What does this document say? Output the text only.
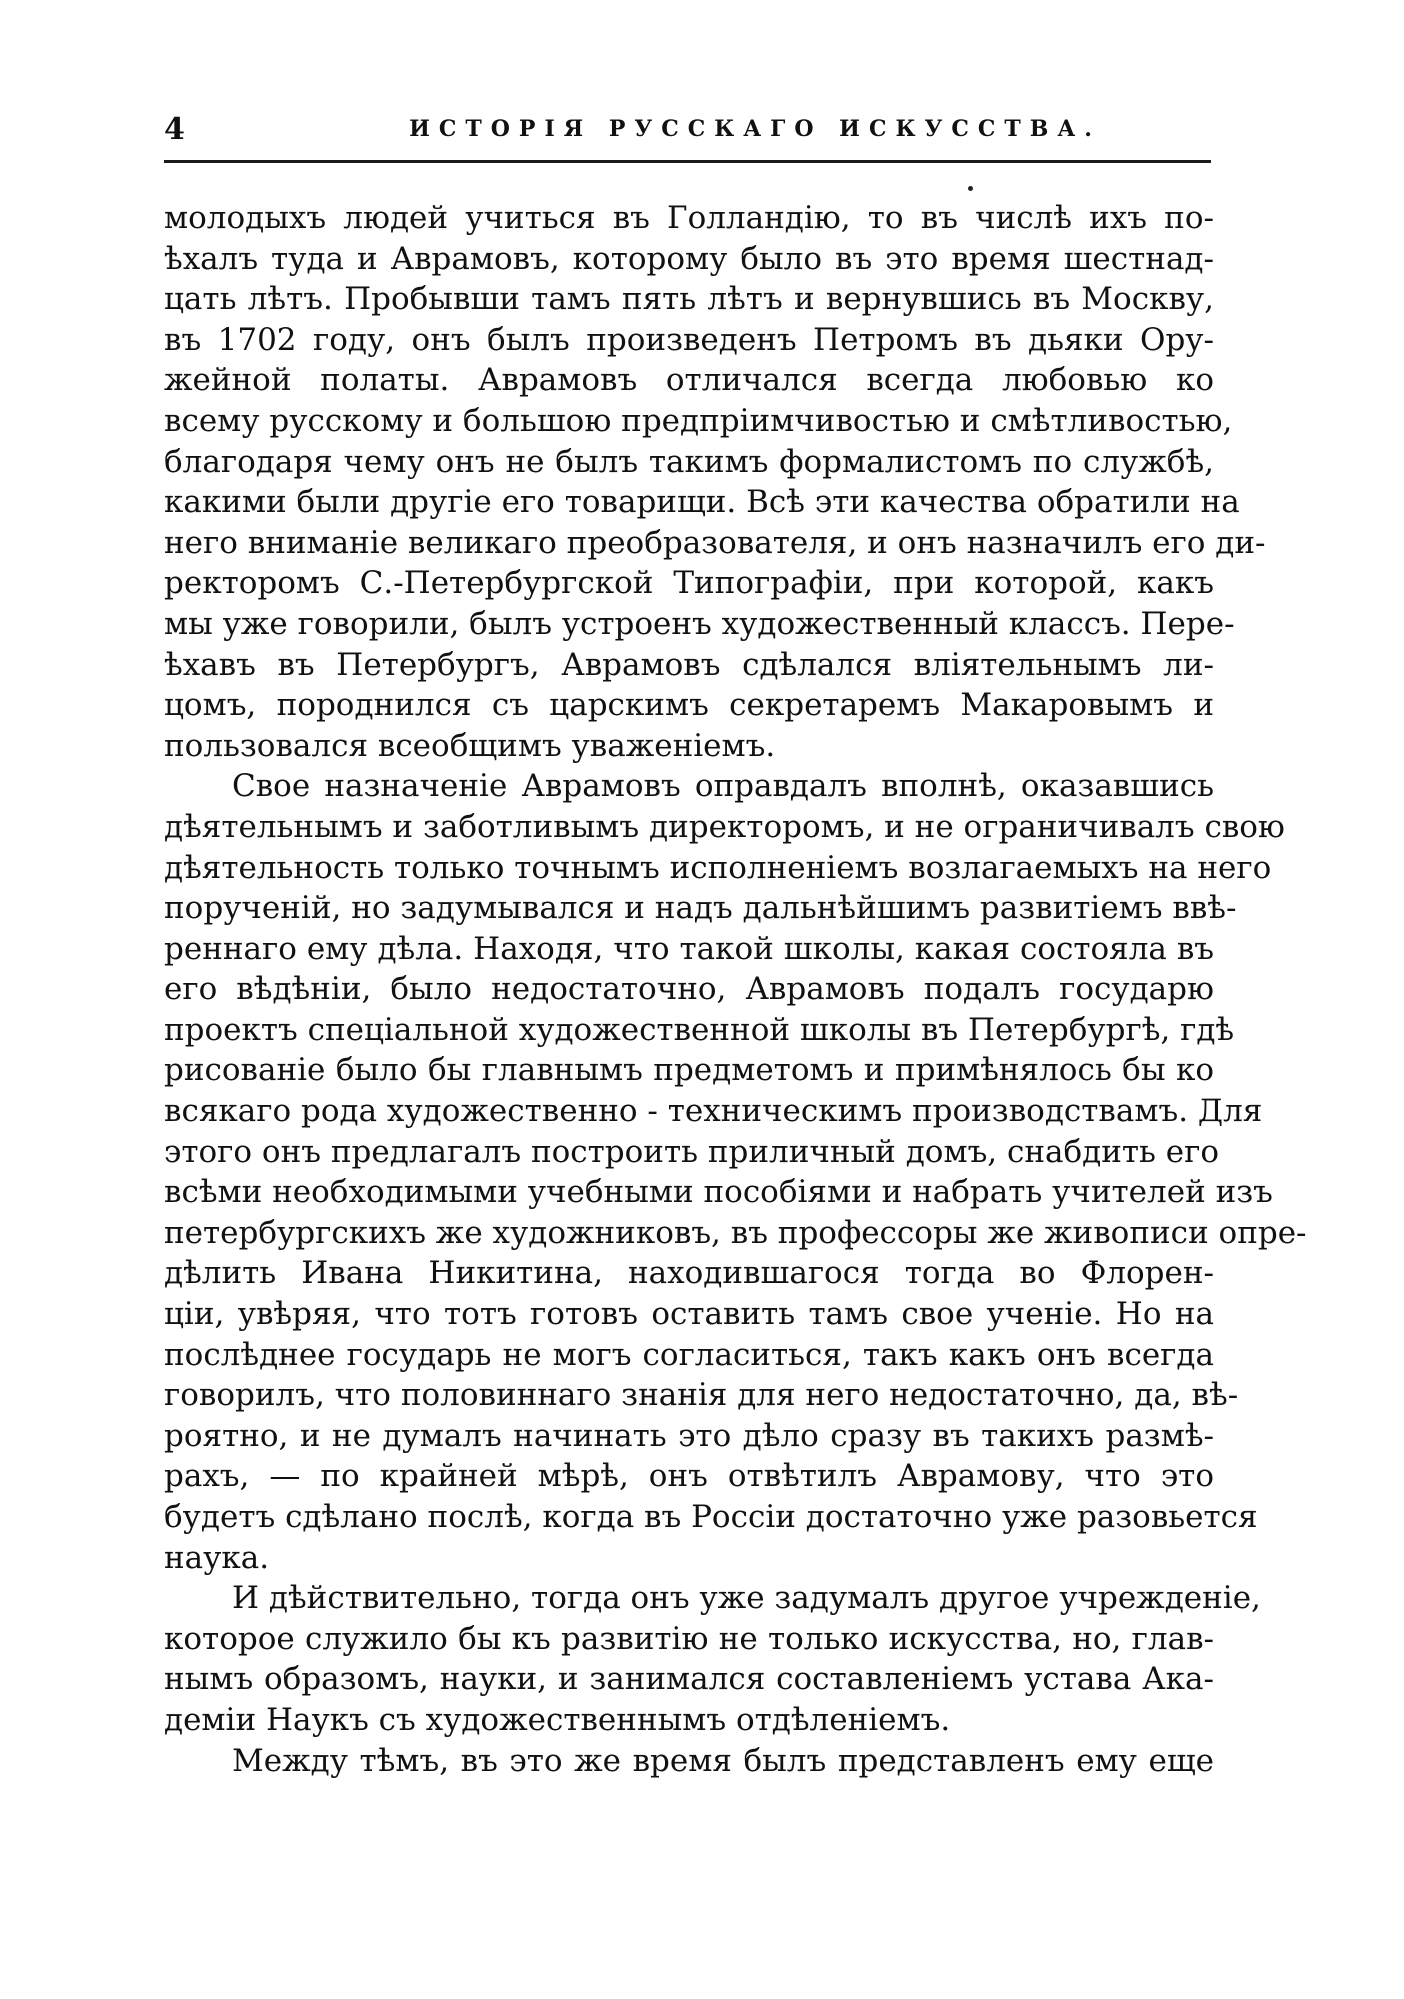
4	ИСТОРІЯ РУССКАГО ИСКУССТВА.
молодыхъ людей учиться въ Голландію, то въ числѣ ихъ по-
ѣхалъ туда и Аврамовъ, которому было въ это время шестнад-
цать лѣтъ. Пробывши тамъ пять лѣтъ и вернувшись въ Москву,
въ 1702 году, онъ былъ произведенъ Петромъ въ дьяки Ору-
жейной полаты. Аврамовъ отличался всегда любовью ко
всему русскому и большою предпріимчивостью и смѣтливостью,
благодаря чему онъ не былъ такимъ формалистомъ по службѣ,
какими были другіе его товарищи. Всѣ эти качества обратили на
него вниманіе великаго преобразователя, и онъ назначилъ его ди-
ректоромъ С.-Петербургской Типографіи, при которой, какъ
мы уже говорили, былъ устроенъ художественный классъ. Пере-
ѣхавъ въ Петербургъ, Аврамовъ сдѣлался вліятельнымъ ли-
цомъ, породнился съ царскимъ секретаремъ Макаровымъ и
пользовался всеобщимъ уваженіемъ.
Свое назначеніе Аврамовъ оправдалъ вполнѣ, оказавшись
дѣятельнымъ и заботливымъ директоромъ, и не ограничивалъ свою
дѣятельность только точнымъ исполненіемъ возлагаемыхъ на него
порученій, но задумывался и надъ дальнѣйшимъ развитіемъ ввѣ-
реннаго ему дѣла. Находя, что такой школы, какая состояла въ
его вѣдѣніи, было недостаточно, Аврамовъ подалъ государю
проектъ спеціальной художественной школы въ Петербургѣ, гдѣ
рисованіе было бы главнымъ предметомъ и примѣнялось бы ко
всякаго рода художественно - техническимъ производствамъ. Для
этого онъ предлагалъ построить приличный домъ, снабдить его
всѣми необходимыми учебными пособіями и набрать учителей изъ
петербургскихъ же художниковъ, въ профессоры же живописи опре-
дѣлить Ивана Никитина, находившагося тогда во Флорен-
ціи, увѣряя, что тотъ готовъ оставить тамъ свое ученіе. Но на
послѣднее государь не могъ согласиться, такъ какъ онъ всегда
говорилъ, что половиннаго знанія для него недостаточно, да, вѣ-
роятно, и не думалъ начинать это дѣло сразу въ такихъ размѣ-
рахъ, — по крайней мѣрѣ, онъ отвѣтилъ Аврамову, что это
будетъ сдѣлано послѣ, когда въ Россіи достаточно уже разовьется
наука.
И дѣйствительно, тогда онъ уже задумалъ другое учрежденіе,
которое служило бы къ развитію не только искусства, но, глав-
нымъ образомъ, науки, и занимался составленіемъ устава Ака-
деміи Наукъ съ художественнымъ отдѣленіемъ.
Между тѣмъ, въ это же время былъ представленъ ему еще
